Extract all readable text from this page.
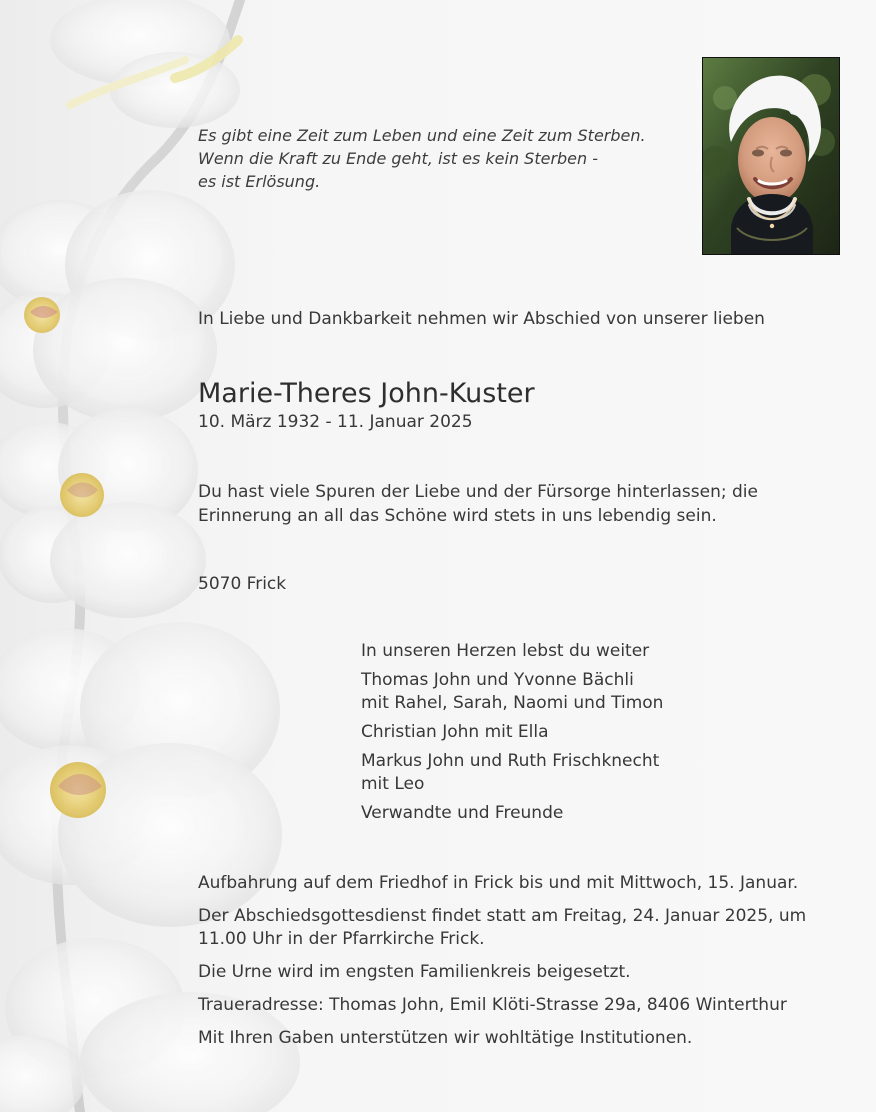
Es gibt eine Zeit zum Leben und eine Zeit zum Sterben.
Wenn die Kraft zu Ende geht, ist es kein Sterben -
es ist Erlösung.
In Liebe und Dankbarkeit nehmen wir Abschied von unserer lieben
Marie-Theres John-Kuster
10. März 1932 - 11. Januar 2025
Du hast viele Spuren der Liebe und der Fürsorge hinterlassen; die
Erinnerung an all das Schöne wird stets in uns lebendig sein.
5070 Frick
In unseren Herzen lebst du weiter
Thomas John und Yvonne Bächli
mit Rahel, Sarah, Naomi und Timon
Christian John mit Ella
Markus John und Ruth Frischknecht
mit Leo
Verwandte und Freunde
Aufbahrung auf dem Friedhof in Frick bis und mit Mittwoch, 15. Januar.
Der Abschiedsgottesdienst findet statt am Freitag, 24. Januar 2025, um
11.00 Uhr in der Pfarrkirche Frick.
Die Urne wird im engsten Familienkreis beigesetzt.
Traueradresse: Thomas John, Emil Klöti-Strasse 29a, 8406 Winterthur
Mit Ihren Gaben unterstützen wir wohltätige Institutionen.
